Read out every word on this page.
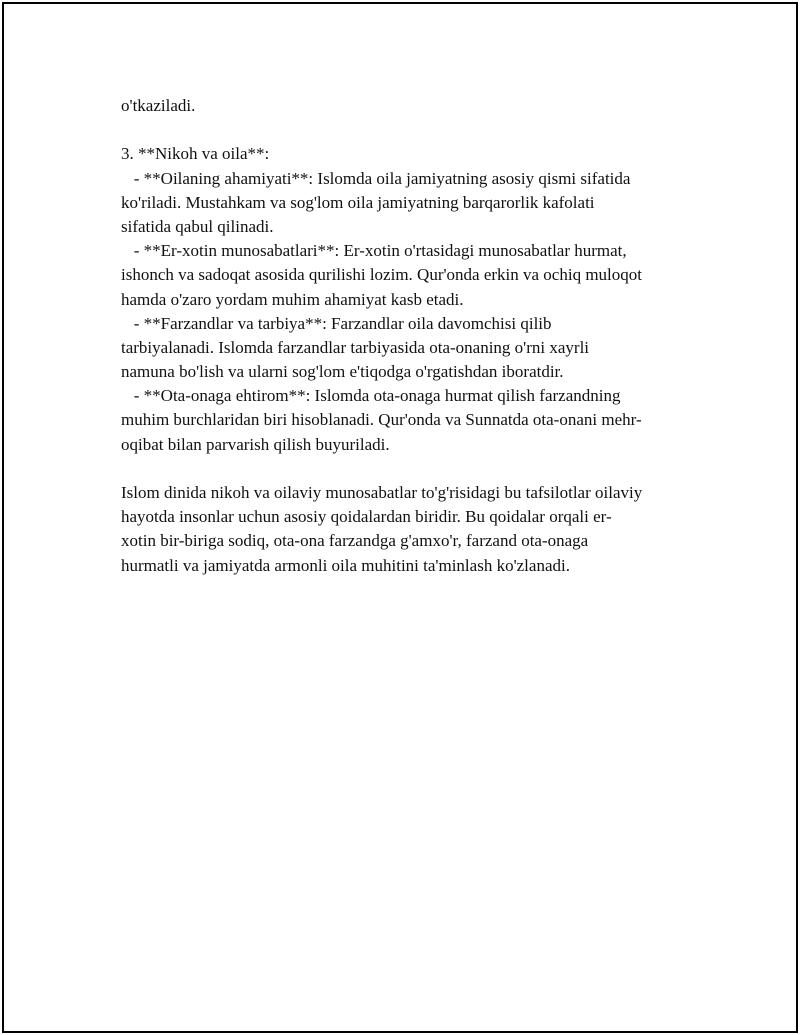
o'tkaziladi.
3. **Nikoh va oila**:
- **Oilaning ahamiyati**: Islomda oila jamiyatning asosiy qismi sifatida
ko'riladi. Mustahkam va sog'lom oila jamiyatning barqarorlik kafolati
sifatida qabul qilinadi.
- **Er-xotin munosabatlari**: Er-xotin o'rtasidagi munosabatlar hurmat,
ishonch va sadoqat asosida qurilishi lozim. Qur'onda erkin va ochiq muloqot
hamda o'zaro yordam muhim ahamiyat kasb etadi.
- **Farzandlar va tarbiya**: Farzandlar oila davomchisi qilib
tarbiyalanadi. Islomda farzandlar tarbiyasida ota-onaning o'rni xayrli
namuna bo'lish va ularni sog'lom e'tiqodga o'rgatishdan iboratdir.
- **Ota-onaga ehtirom**: Islomda ota-onaga hurmat qilish farzandning
muhim burchlaridan biri hisoblanadi. Qur'onda va Sunnatda ota-onani mehr-
oqibat bilan parvarish qilish buyuriladi.
Islom dinida nikoh va oilaviy munosabatlar to'g'risidagi bu tafsilotlar oilaviy
hayotda insonlar uchun asosiy qoidalardan biridir. Bu qoidalar orqali er-
xotin bir-biriga sodiq, ota-ona farzandga g'amxo'r, farzand ota-onaga
hurmatli va jamiyatda armonli oila muhitini ta'minlash ko'zlanadi.
